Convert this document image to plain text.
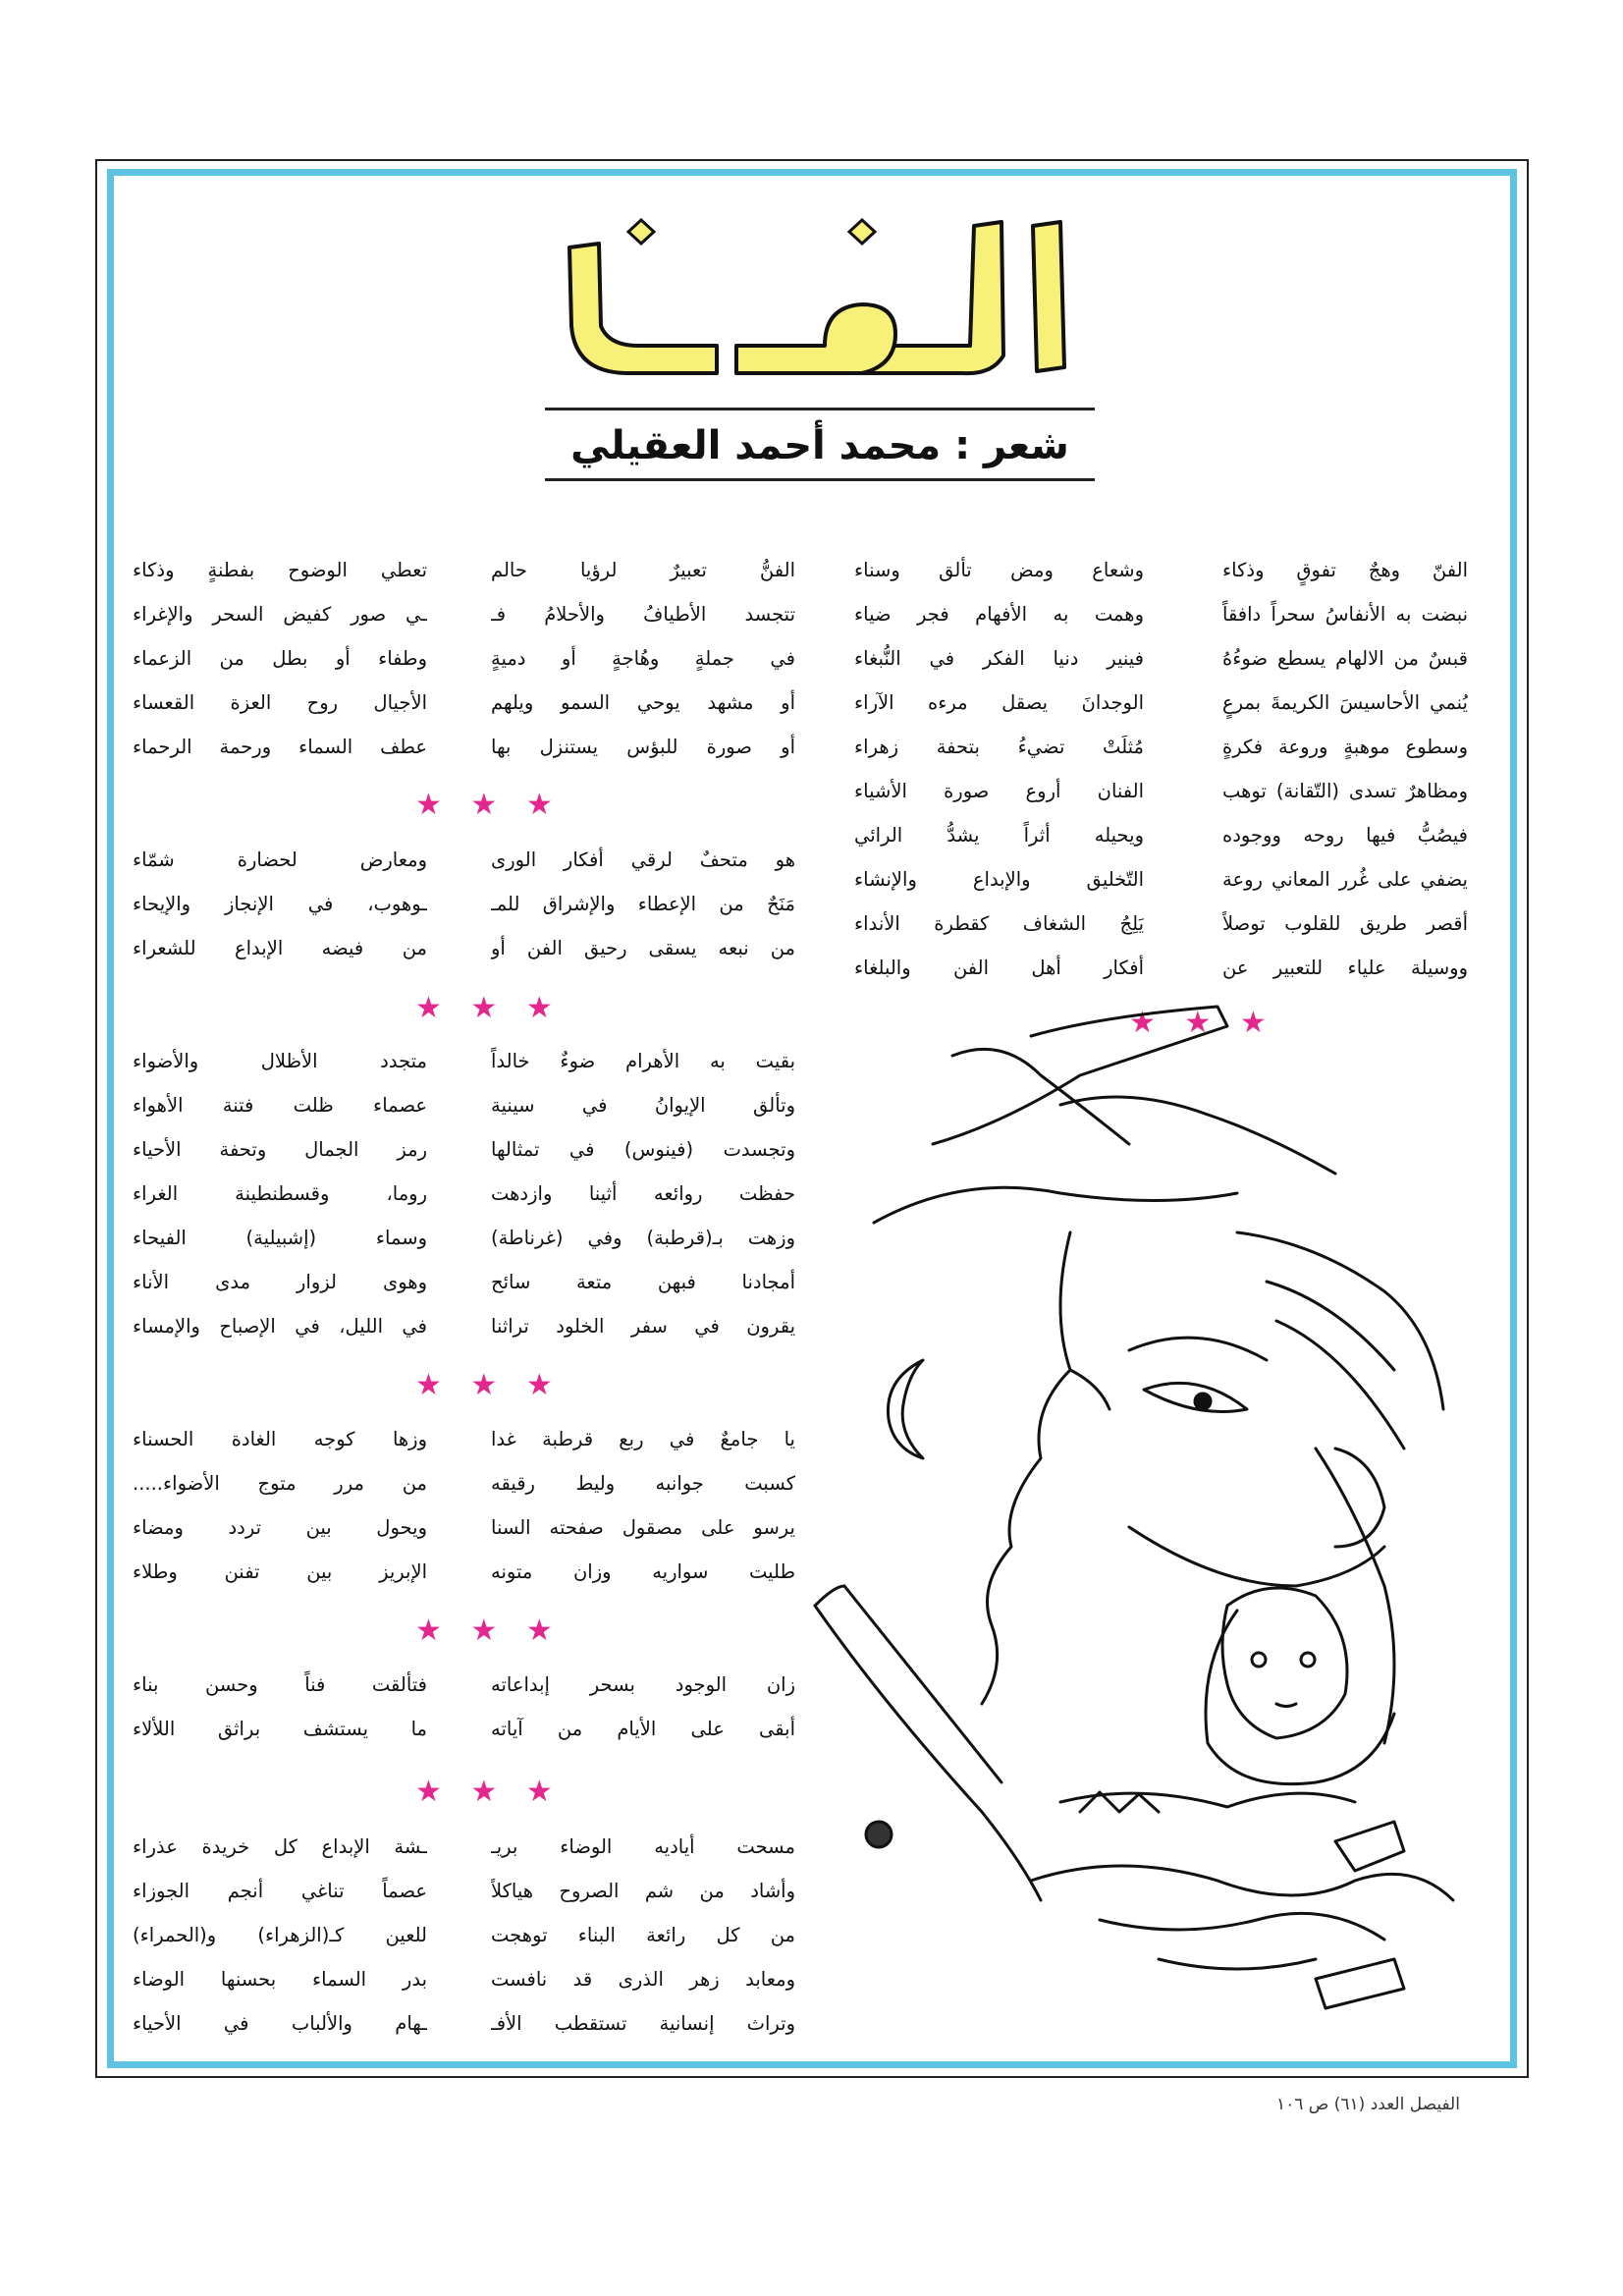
شعر : محمد أحمد العقيلي
الفنّ وهجٌ تفوقٍ وذكاء
نبضت به الأنفاسُ سحراً دافقاً
قبسٌ من الالهام يسطع ضوءُهُ
يُنمي الأحاسيسَ الكريمةَ بمرعٍ
وسطوع موهبةٍ وروعة فكرةٍ
ومظاهرٌ تسدى (التّقانة) توهب
فيصُبُّ فيها روحه ووجوده
يضفي على غُرر المعاني روعة
أقصر طريق للقلوب توصلاً
ووسيلة علياء للتعبير عن
وشعاع ومض تألق وسناء
وهمت به الأفهام فجر ضياء
فينير دنيا الفكر في النُّبغاء
الوجدانَ يصقل مرءه الآراء
مُثلَتْ تضيءُ بتحفة زهراء
الفنان أروع صورة الأشياء
ويحيله أثراً يشدُّ الرائي
التّخليق والإبداع والإنشاء
يَلِجُ الشغاف كقطرة الأنداء
أفكار أهل الفن والبلغاء
الفنُّ تعبيرٌ لرؤيا حالم
تتجسد الأطيافُ والأحلامُ فـ
في جملةٍ وهُاجةٍ أو دميةٍ
أو مشهد يوحي السمو ويلهم
أو صورة للبؤس يستنزل بها
تعطي الوضوح بفطنةٍ وذكاء
ـي صور كفيض السحر والإغراء
وطفاء أو بطل من الزعماء
الأجيال روح العزة القعساء
عطف السماء ورحمة الرحماء
★ ★ ★
هو متحفٌ لرقي أفكار الورى
مَنَحٌ من الإعطاء والإشراق للمـ
من نبعه يسقى رحيق الفن أو
ومعارض لحضارة شمّاء
ـوهوب، في الإنجاز والإيحاء
من فيضه الإبداع للشعراء
★ ★ ★	★ ★ ★
بقيت به الأهرام ضوءٌ خالداً
وتألق الإيوانُ في سينية
وتجسدت (فينوس) في تمثالها
حفظت روائعه أثينا وازدهت
وزهت بـ(قرطبة) وفي (غرناطة)
أمجادنا فبهن متعة سائح
يقرون في سفر الخلود تراثنا
متجدد الأظلال والأضواء
عصماء ظلت فتنة الأهواء
رمز الجمال وتحفة الأحياء
روما، وقسطنطينة الغراء
وسماء (إشبيلية) الفيحاء
وهوى لزوار مدى الأناء
في الليل، في الإصباح والإمساء
★ ★ ★
يا جامعٌ في ربع قرطبة غدا
كسبت جوانبه وليط رقيقه
يرسو على مصقول صفحته السنا
طليت سواريه وزان متونه
وزها كوجه الغادة الحسناء
من مرر متوج الأضواء.....
ويحول بين تردد ومضاء
الإبريز بين تفنن وطلاء
★ ★ ★
زان الوجود بسحر إبداعاته
أبقى على الأيام من آياته
فتألقت فناً وحسن بناء
ما يستشف براثق اللألاء
★ ★ ★
مسحت أياديه الوضاء بريـ
وأشاد من شم الصروح هياكلاً
من كل رائعة البناء توهجت
ومعابد زهر الذرى قد نافست
وتراث إنسانية تستقطب الأفـ
ـشة الإبداع كل خريدة عذراء
عصماً تناغي أنجم الجوزاء
للعين كـ(الزهراء) و(الحمراء)
بدر السماء بحسنها الوضاء
ـهام والألباب في الأحياء
الفيصل العدد (٦١) ص ١٠٦
